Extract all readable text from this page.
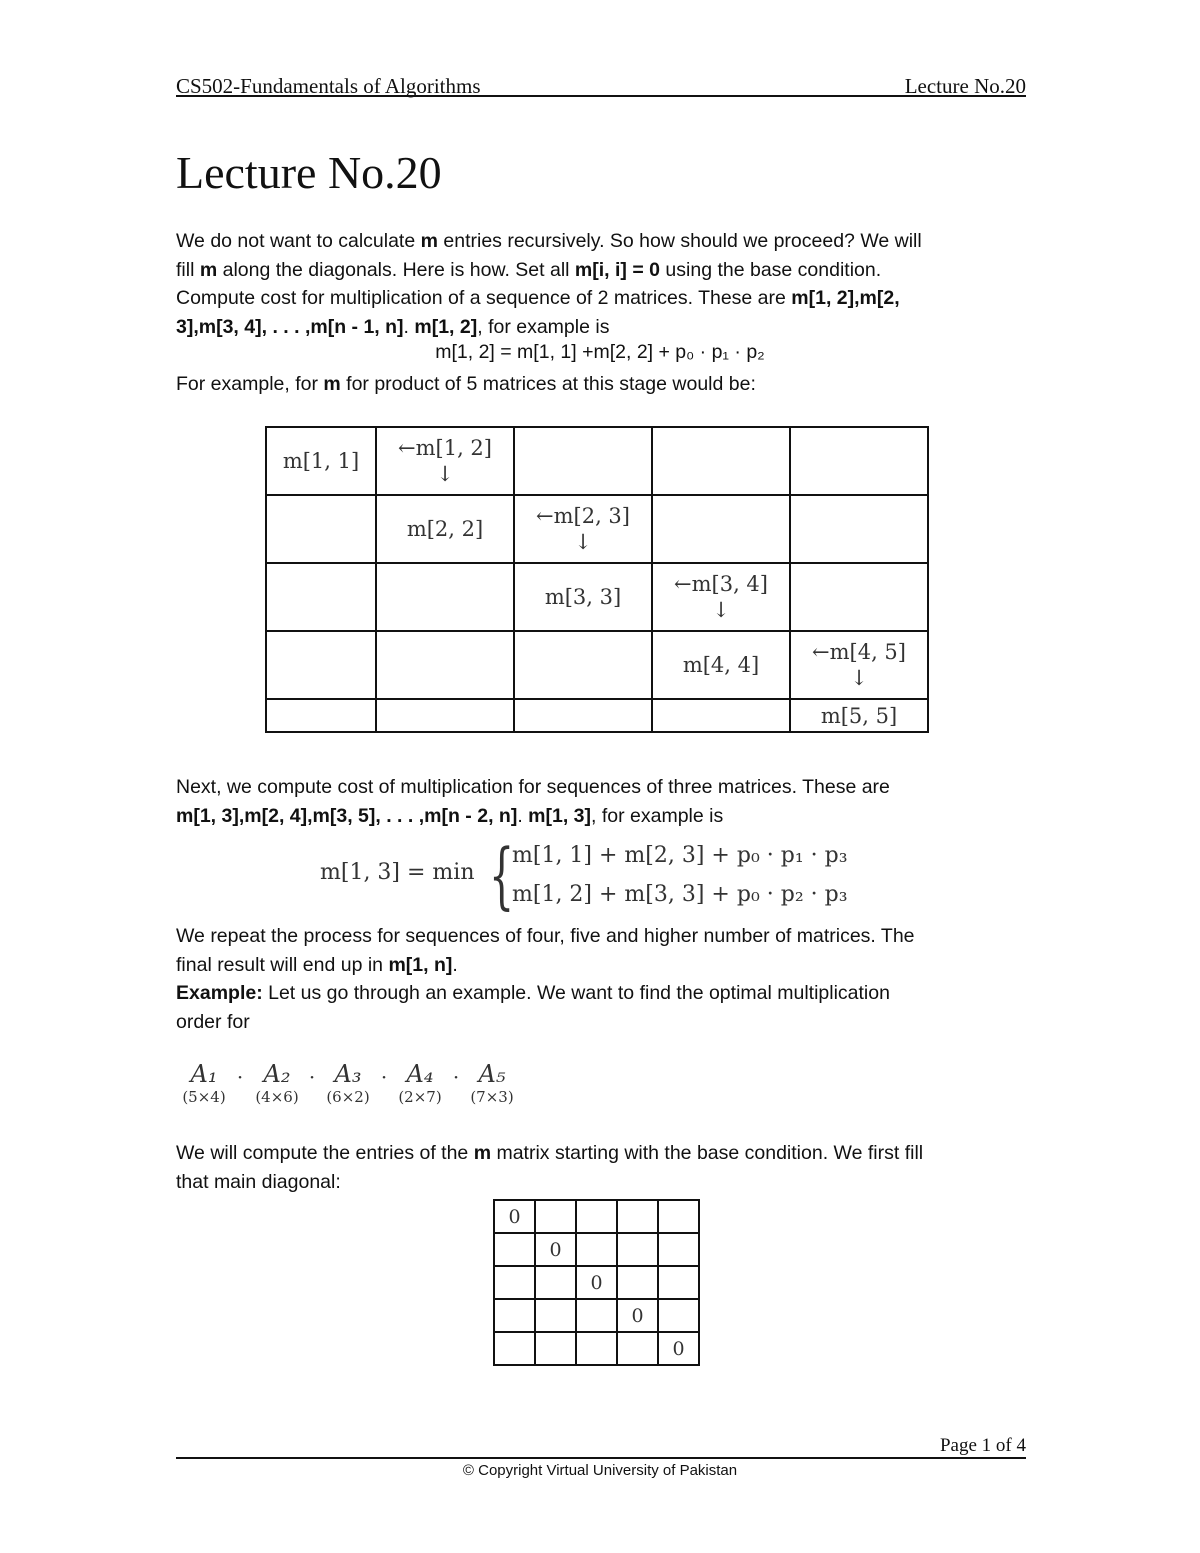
CS502-Fundamentals of Algorithms	Lecture No.20
Lecture No.20
We do not want to calculate m entries recursively. So how should we proceed? We will
fill m along the diagonals. Here is how. Set all m[i, i] = 0 using the base condition.
Compute cost for multiplication of a sequence of 2 matrices. These are m[1, 2],m[2,
3],m[3, 4], . . . ,m[n - 1, n]. m[1, 2], for example is
m[1, 2] = m[1, 1] +m[2, 2] + p₀ · p₁ · p₂
For example, for m for product of 5 matrices at this stage would be:
m[1, 1]	←m[1, 2]
↓			
	m[2, 2]	←m[2, 3]
↓		
		m[3, 3]	←m[3, 4]
↓	
			m[4, 4]	←m[4, 5]
↓
				m[5, 5]
Next, we compute cost of multiplication for sequences of three matrices. These are
m[1, 3],m[2, 4],m[3, 5], . . . ,m[n - 2, n]. m[1, 3], for example is
m[1, 3] = min {
m[1, 1] + m[2, 3] + p₀ · p₁ · p₃
m[1, 2] + m[3, 3] + p₀ · p₂ · p₃
We repeat the process for sequences of four, five and higher number of matrices. The
final result will end up in m[1, n].
Example: Let us go through an example. We want to find the optimal multiplication
order for
A₁
(5×4)
· A₂
(4×6)
· A₃
(6×2)
· A₄
(2×7)
· A₅
(7×3)
We will compute the entries of the m matrix starting with the base condition. We first fill
that main diagonal:
0				
	0			
		0		
			0	
				0
Page 1 of 4
© Copyright Virtual University of Pakistan
